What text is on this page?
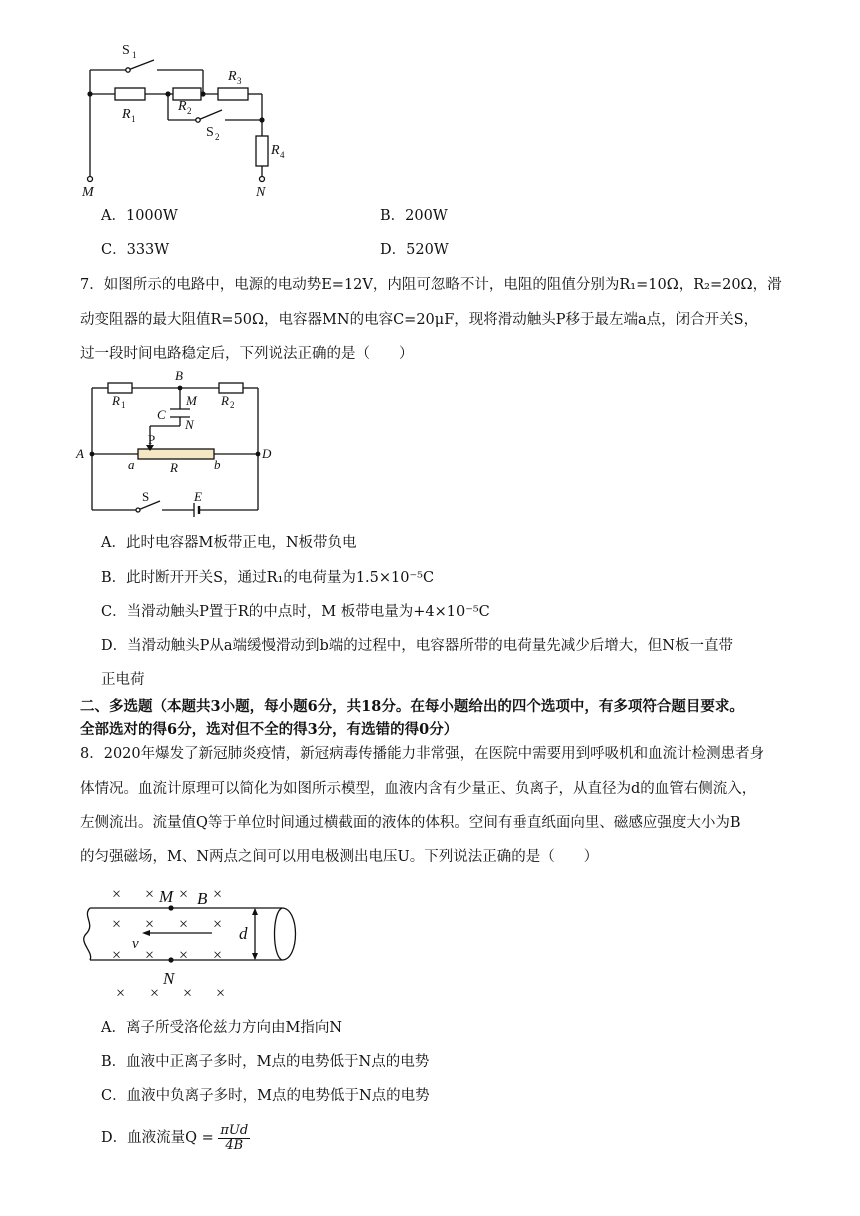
S 1
R 1
R 2
R 3
S 2
R 4
M	N
A．1000W	B．200W
C．333W	D．520W
7．如图所示的电路中，电源的电动势E=12V，内阻可忽略不计，电阻的阻值分别为R₁=10Ω，R₂=20Ω，滑
动变阻器的最大阻值R=50Ω，电容器MN的电容C=20μF，现将滑动触头P移于最左端a点，闭合开关S，
过一段时间电路稳定后，下列说法正确的是（　　）
B
A	D
R	R
M
C
N
a	R	b
E
1	2
P
S
A．此时电容器M板带正电，N板带负电
B．此时断开开关S，通过R₁的电荷量为1.5×10⁻⁵C
C．当滑动触头P置于R的中点时，M 板带电量为+4×10⁻⁵C
D．当滑动触头P从a端缓慢滑动到b端的过程中，电容器所带的电荷量先减少后增大，但N板一直带
正电荷
二、多选题（本题共3小题，每小题6分，共18分。在每小题给出的四个选项中，有多项符合题目要求。
全部选对的得6分，选对但不全的得3分，有选错的得0分）
8．2020年爆发了新冠肺炎疫情，新冠病毒传播能力非常强，在医院中需要用到呼吸机和血流计检测患者身
体情况。血流计原理可以简化为如图所示模型，血液内含有少量正、负离子，从直径为d的血管右侧流入，
左侧流出。流量值Q等于单位时间通过横截面的液体的体积。空间有垂直纸面向里、磁感应强度大小为B
的匀强磁场，M、N两点之间可以用电极测出电压U。下列说法正确的是（　　）
× × × ×
× × × ×
× × × ×
× × × ×
M B
d
v
N
A．离子所受洛伦兹力方向由M指向N
B．血液中正离子多时，M点的电势低于N点的电势
C．血液中负离子多时，M点的电势低于N点的电势
D．血液流量$Q = \frac{\text{πUd}}{4B}$
